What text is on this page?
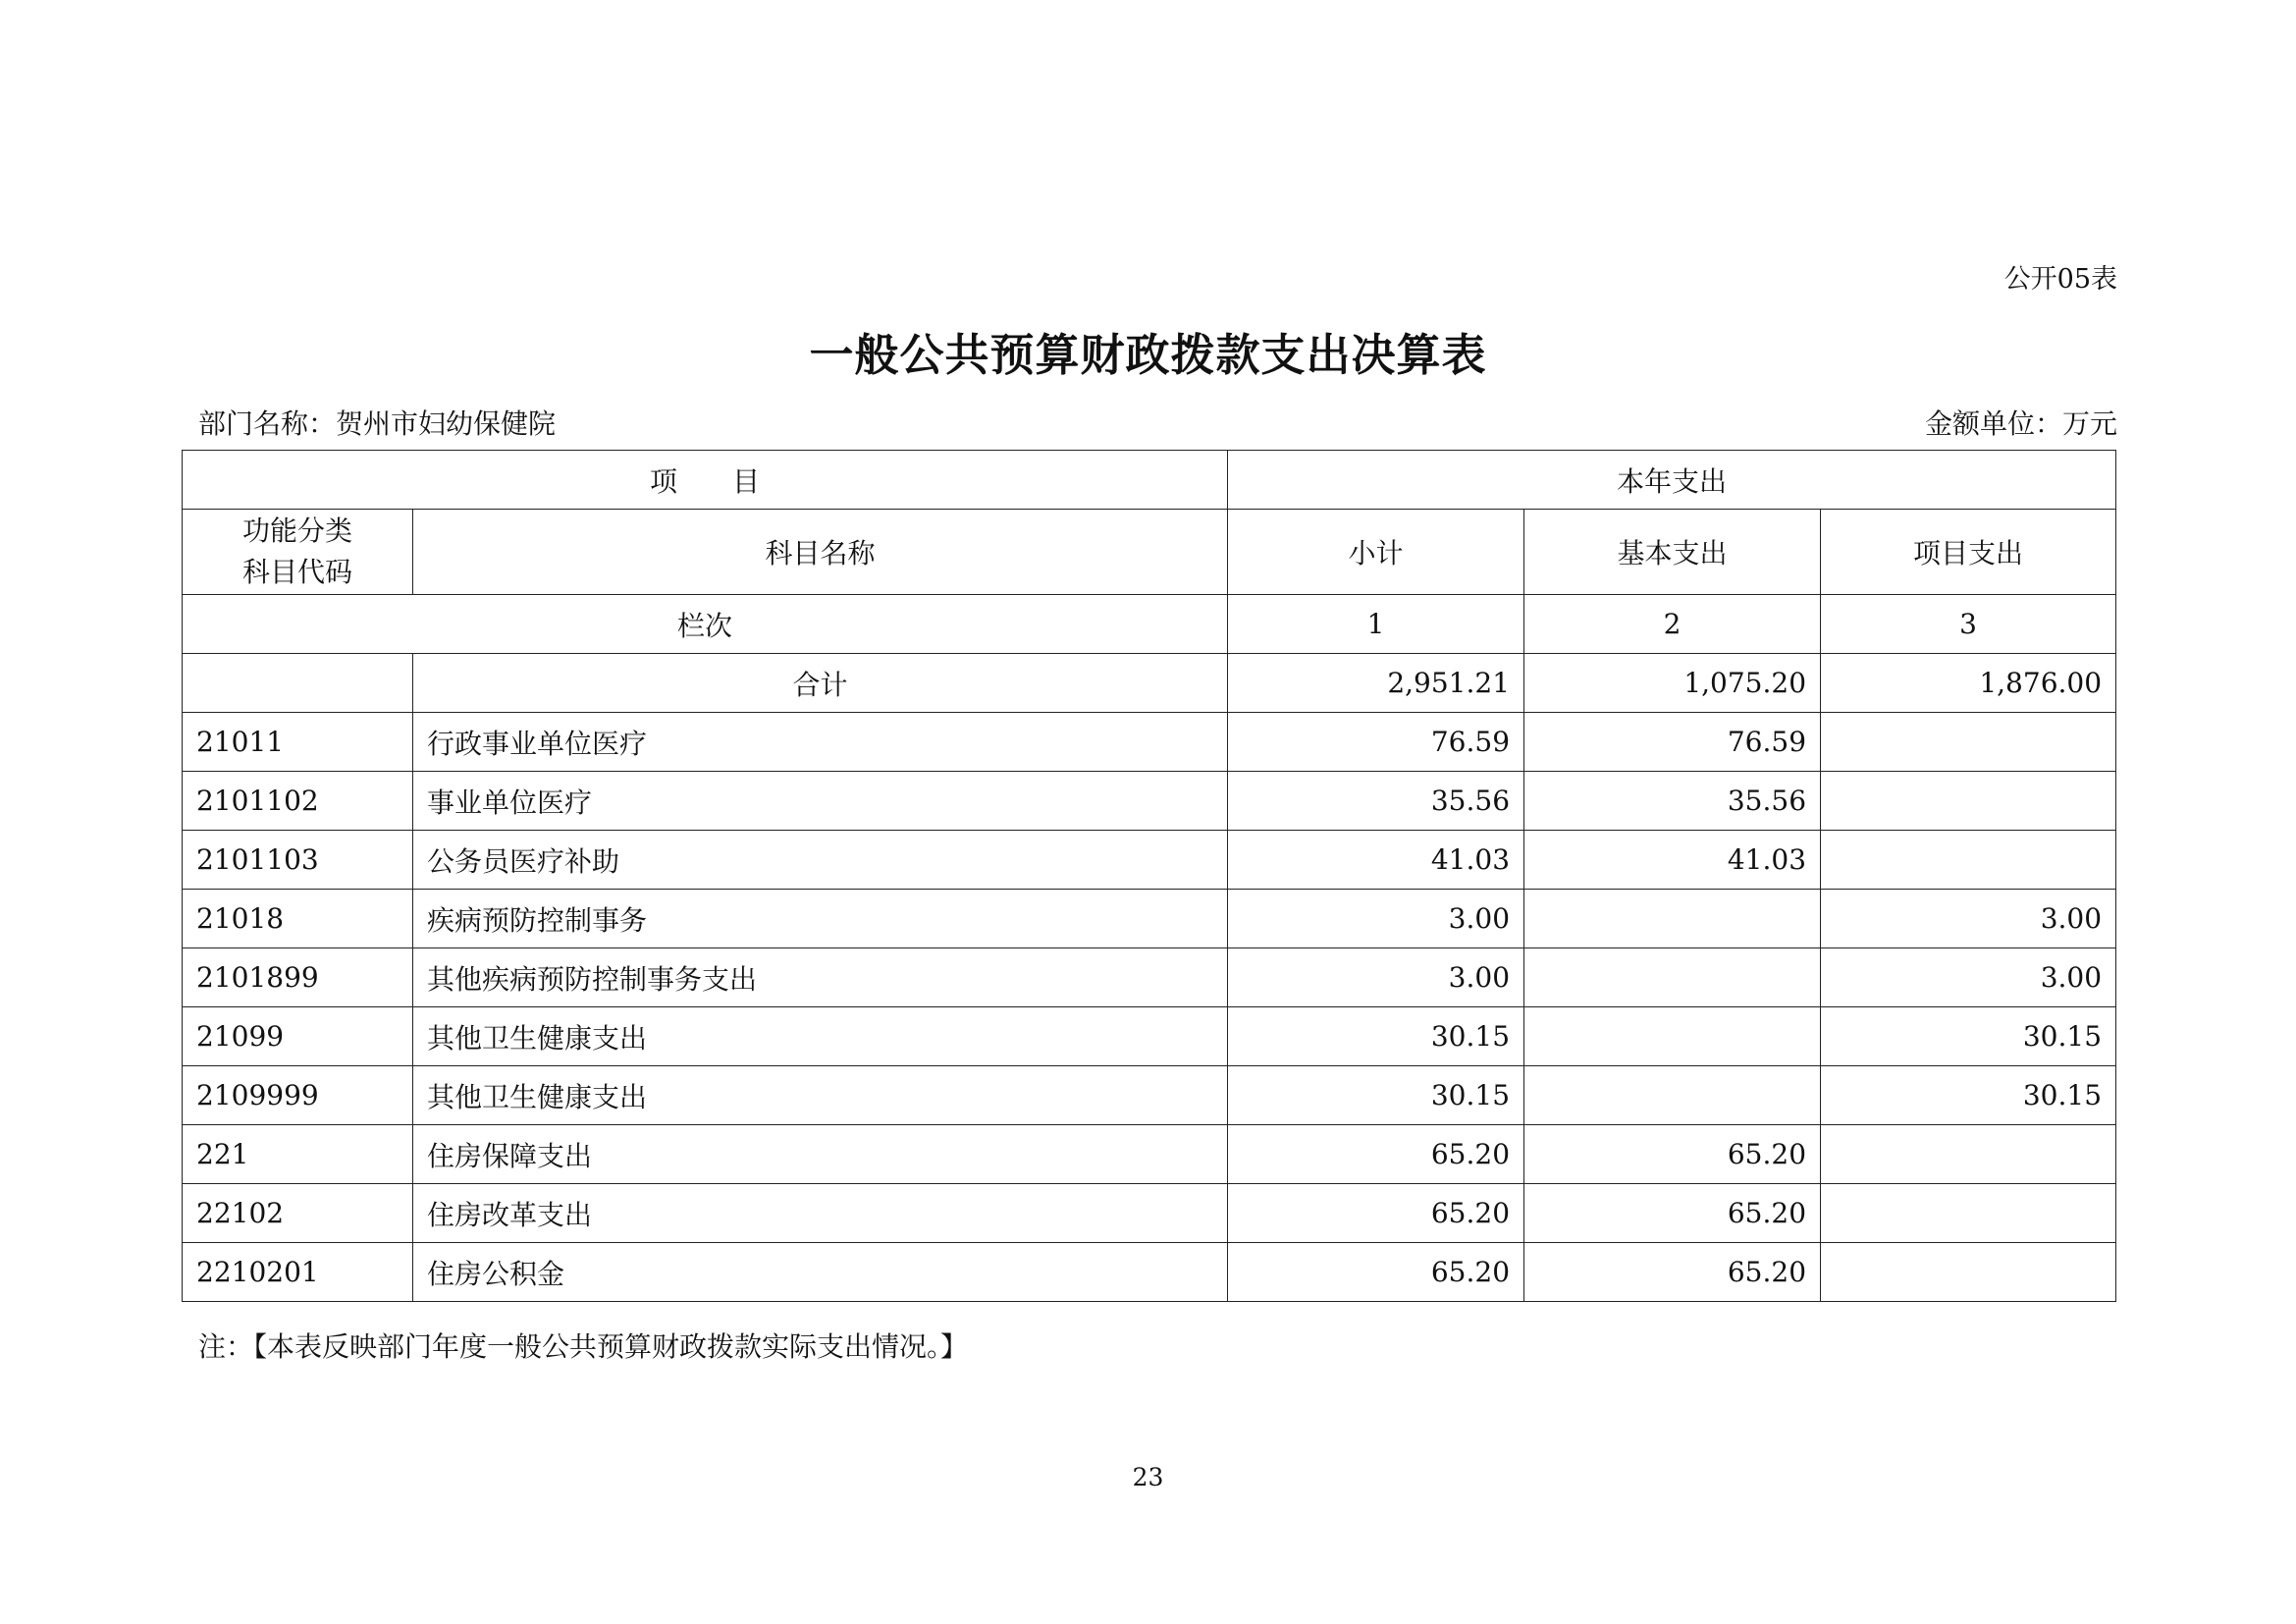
公开05表
一般公共预算财政拨款支出决算表
部门名称：贺州市妇幼保健院	金额单位：万元
项　　目		本年支出		

功能分类
科目代码	科目名称	小计	基本支出	项目支出
栏次		1	2	3
	合计	2,951.21	1,075.20	1,876.00
21011	行政事业单位医疗	76.59	76.59	
2101102	事业单位医疗	35.56	35.56	
2101103	公务员医疗补助	41.03	41.03	
21018	疾病预防控制事务	3.00		3.00
2101899	其他疾病预防控制事务支出	3.00		3.00
21099	其他卫生健康支出	30.15		30.15
2109999	其他卫生健康支出	30.15		30.15
221	住房保障支出	65.20	65.20	
22102	住房改革支出	65.20	65.20	
2210201	住房公积金	65.20	65.20	
注：【本表反映部门年度一般公共预算财政拨款实际支出情况。】
23
